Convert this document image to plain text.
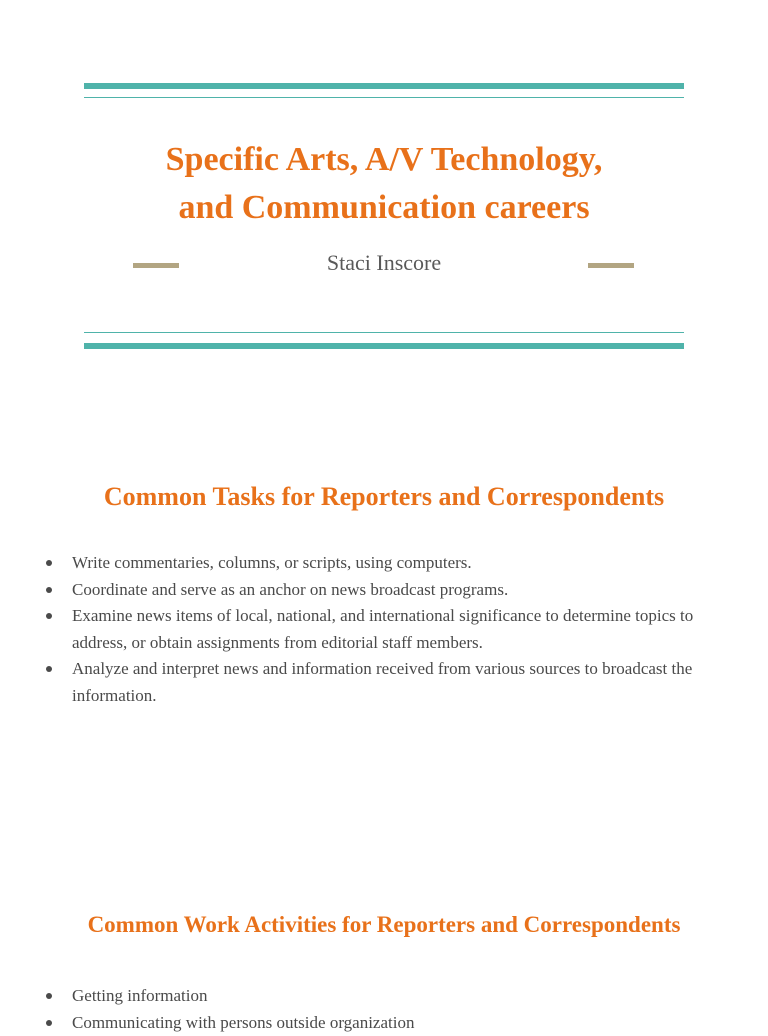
Specific Arts, A/V Technology,
and Communication careers
Staci Inscore
Common Tasks for Reporters and Correspondents
Write commentaries, columns, or scripts, using computers.
Coordinate and serve as an anchor on news broadcast programs.
Examine news items of local, national, and international significance to determine topics to address, or obtain assignments from editorial staff members.
Analyze and interpret news and information received from various sources to broadcast the information.
Common Work Activities for Reporters and Correspondents
Getting information
Communicating with persons outside organization
